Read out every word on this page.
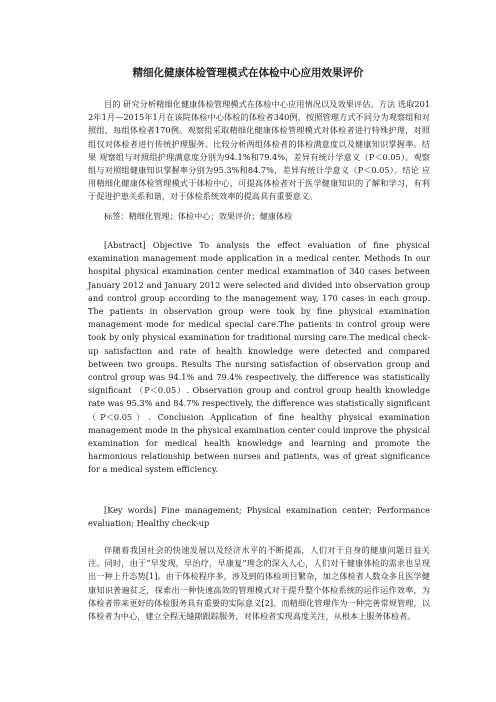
精细化健康体检管理模式在体检中心应用效果评价
目的 研究分析精细化健康体检管理模式在体检中心应用情况以及效果评估。方法 选取2012年1月—2015年1月在该院体检中心体检的体检者340例，按照管理方式不同分为观察组和对照组，每组体检者170例。观察组采取精细化健康体检管理模式对体检者进行特殊护理，对照组仅对体检者进行传统护理服务。比较分析两组体检者的体检满意度以及健康知识掌握率。结果 观察组与对照组护理满意度分别为94.1%和79.4%，差异有统计学意义（P＜0.05）。观察组与对照组健康知识掌握率分别为95.3%和84.7%，差异有统计学意义（P＜0.05）。结论 应用精细化健康体检管理模式于体检中心，可提高体检者对于医学健康知识的了解和学习，有利于促进护患关系和谐，对于体检系统效率的提高具有重要意义。
标签：精细化管理；体检中心；效果评价；健康体检
[Abstract] Objective To analysis the effect evaluation of fine physical examination management mode application in a medical center. Methods In our hospital physical examination center medical examination of 340 cases between January 2012 and January 2012 were selected and divided into observation group and control group according to the management way, 170 cases in each group. The patients in observation group were took by fine physical examination management mode for medical special care.The patients in control group were took by only physical examination for traditional nursing care.The medical check-up satisfaction and rate of health knowledge were detected and compared between two groups. Results The nursing satisfaction of observation group and control group was 94.1% and 79.4% respectively, the difference was statistically significant （P＜0.05）. Observation group and control group health knowledge rate was 95.3% and 84.7% respectively, the difference was statistically significant （P＜0.05）. Conclusion Application of fine healthy physical examination management mode in the physical examination center could improve the physical examination for medical health knowledge and learning and promote the harmonious relationship between nurses and patients, was of great significance for a medical system efficiency.
[Key words] Fine management; Physical examination center; Performance evaluation; Healthy check-up
伴随着我国社会的快速发展以及经济水平的不断提高，人们对于自身的健康问题日益关注。同时，由于“早发现，早治疗，早康复”理念的深入人心，人们对于健康体检的需求也呈现出一种上升态势[1]。由于体检程序多，涉及到的体检项目繁杂，加之体检者人数众多且医学健康知识普遍贫乏，探索出一种快速高效的管理模式对于提升整个体检系统的运作运作效率，为体检者带来更好的体检服务具有重要的实际意义[2]。而精细化管理作为一种完善常规管理，以体检者为中心，建立全程无缝隙跟踪服务，对体检者实现高度关注，从根本上服务体检者。
